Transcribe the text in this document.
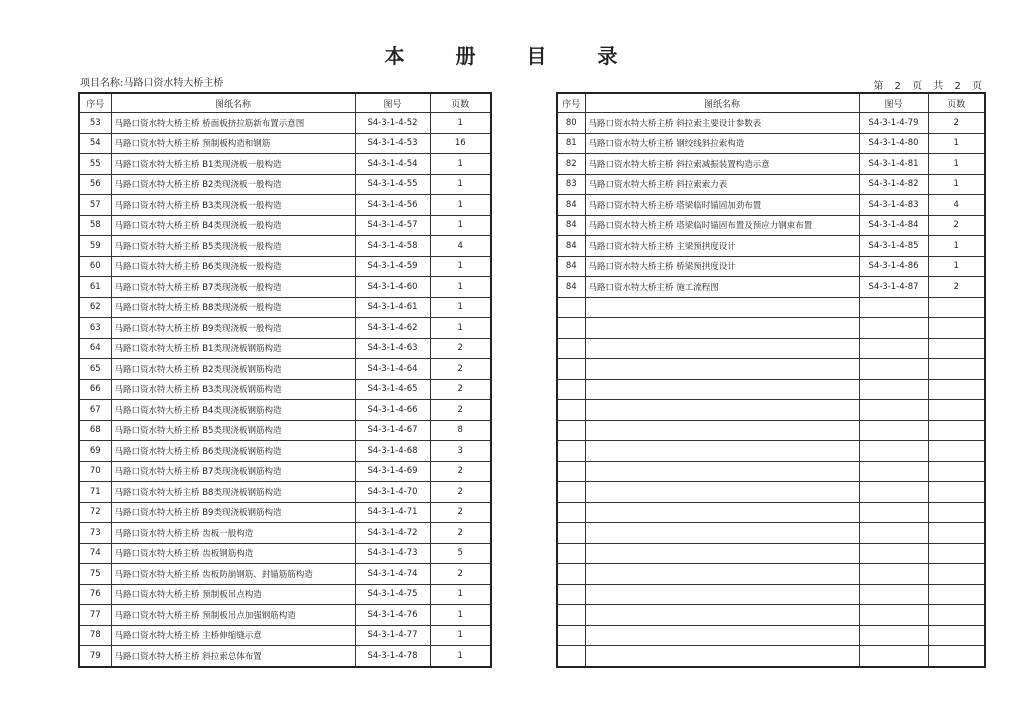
本 册 目 录
项目名称:马路口资水特大桥主桥	第 2 页 共 2 页
序号	图纸名称	图号	页数
53	马路口资水特大桥主桥 桥面板挤拉筋新布置示意图	S4-3-1-4-52	1
54	马路口资水特大桥主桥 预制板构造和钢筋	S4-3-1-4-53	16
55	马路口资水特大桥主桥 B1类现浇板一般构造	S4-3-1-4-54	1
56	马路口资水特大桥主桥 B2类现浇板一般构造	S4-3-1-4-55	1
57	马路口资水特大桥主桥 B3类现浇板一般构造	S4-3-1-4-56	1
58	马路口资水特大桥主桥 B4类现浇板一般构造	S4-3-1-4-57	1
59	马路口资水特大桥主桥 B5类现浇板一般构造	S4-3-1-4-58	4
60	马路口资水特大桥主桥 B6类现浇板一般构造	S4-3-1-4-59	1
61	马路口资水特大桥主桥 B7类现浇板一般构造	S4-3-1-4-60	1
62	马路口资水特大桥主桥 B8类现浇板一般构造	S4-3-1-4-61	1
63	马路口资水特大桥主桥 B9类现浇板一般构造	S4-3-1-4-62	1
64	马路口资水特大桥主桥 B1类现浇板钢筋构造	S4-3-1-4-63	2
65	马路口资水特大桥主桥 B2类现浇板钢筋构造	S4-3-1-4-64	2
66	马路口资水特大桥主桥 B3类现浇板钢筋构造	S4-3-1-4-65	2
67	马路口资水特大桥主桥 B4类现浇板钢筋构造	S4-3-1-4-66	2
68	马路口资水特大桥主桥 B5类现浇板钢筋构造	S4-3-1-4-67	8
69	马路口资水特大桥主桥 B6类现浇板钢筋构造	S4-3-1-4-68	3
70	马路口资水特大桥主桥 B7类现浇板钢筋构造	S4-3-1-4-69	2
71	马路口资水特大桥主桥 B8类现浇板钢筋构造	S4-3-1-4-70	2
72	马路口资水特大桥主桥 B9类现浇板钢筋构造	S4-3-1-4-71	2
73	马路口资水特大桥主桥 齿板一般构造	S4-3-1-4-72	2
74	马路口资水特大桥主桥 齿板钢筋构造	S4-3-1-4-73	5
75	马路口资水特大桥主桥 齿板防崩钢筋、封锚筋筋构造	S4-3-1-4-74	2
76	马路口资水特大桥主桥 预制板吊点构造	S4-3-1-4-75	1
77	马路口资水特大桥主桥 预制板吊点加强钢筋构造	S4-3-1-4-76	1
78	马路口资水特大桥主桥 主桥伸缩缝示意	S4-3-1-4-77	1
79	马路口资水特大桥主桥 斜拉索总体布置	S4-3-1-4-78	1
序号	图纸名称	图号	页数
80	马路口资水特大桥主桥 斜拉索主要设计参数表	S4-3-1-4-79	2
81	马路口资水特大桥主桥 钢绞线斜拉索构造	S4-3-1-4-80	1
82	马路口资水特大桥主桥 斜拉索减振装置构造示意	S4-3-1-4-81	1
83	马路口资水特大桥主桥 斜拉索索力表	S4-3-1-4-82	1
84	马路口资水特大桥主桥 塔梁临时锚固加劲布置	S4-3-1-4-83	4
84	马路口资水特大桥主桥 塔梁临时锚固布置及预应力钢束布置	S4-3-1-4-84	2
84	马路口资水特大桥主桥 主梁预拱度设计	S4-3-1-4-85	1
84	马路口资水特大桥主桥 桥梁预拱度设计	S4-3-1-4-86	1
84	马路口资水特大桥主桥 施工流程图	S4-3-1-4-87	2
